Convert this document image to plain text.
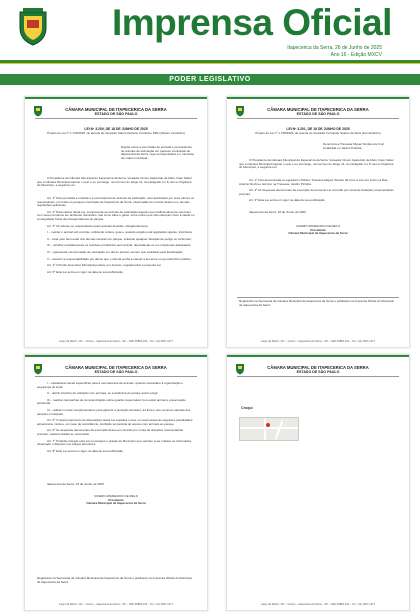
Imprensa Oficial
Itapecerica da Serra, 26 de Junho de 2025
Ano 16 - Edição MXCV
PODER LEGISLATIVO
CÂMARA MUNICIPAL DE ITAPECERICA DA SERRA
ESTADO DE SÃO PAULO
LEI Nº 3.200, DE 18 DE JUNHO DE 2025
Projeto de Lei nº 1.733/2025, de autoria do Vereador Mauro Roberto Caroltrine Piffer (Mauro Caroltrine)
Dispõe sobre a permissão de entrada e permanência de animais de estimação em parques municipais de Itapecerica da Serra, rege as disposições e o interesse da ordem municipal.
O Presidente da Câmara Municipal de Itapecerica da Serra, Vereador Cicero Aparecido de Melo, Faço Saber que a Câmara Municipal rejeitou o veto e eu promulgo, nos termos do artigo 41, do parágrafo 4 e 8, da Lei Orgânica do Município, a seguinte Lei:
Art. 1º Fica permitida a entrada e a permanência de animais de estimação, acompanhados por seus tutores ou responsáveis, em todos os parques municipais de Itapecerica da Serra, observadas as normas desta Lei e demais regulações aplicáveis.
Art. 2º Para efeitos desta Lei, compreende-se animais de estimação aqueles que tradicionalmente convivem com seres humanos em ambiente doméstico, tais como cães e gatos, entre outros que não ofereçam risco à saúde ou à integridade física dos frequentadores do parque.
Art. 3º Os tutores ou responsáveis pelos animais deverão, obrigatoriamente:
I – manter o animal sob controle, utilizando coleira, guia e, quando exigido pela legislação vigente, focinheira;
II – zelar pelo bem-estar dos demais usuários do parque, evitando qualquer situação de perigo ou incômodo;
III – recolher imediatamente os resíduos produzidos pelo animal, depositando-os em recipientes adequados;
IV – apresentar comprovação de vacinação em dia do animal, sempre que solicitado pela fiscalização;
V – assumir a responsabilidade por danos que o animal venha a causar a terceiros ou ao patrimônio público.
Art. 4º O Poder Executivo Municipal poderá, por decreto, regulamentar a presente Lei.
Art. 5º Esta Lei entra em vigor na data de sua publicação.
Largo da Matriz, 147 – Centro – Itapecerica da Serra – SP – CEP 06850-100 – Tel.: (11) 4667-1277
CÂMARA MUNICIPAL DE ITAPECERICA DA SERRA
ESTADO DE SÃO PAULO
LEI Nº 3.201, DE 18 DE JUNHO DE 2025
Projeto de Lei nº 1.738/2025, de autoria do Vereador Fernando Soares da Silva (Fernandinho)
Denomina a Travessa Miguel Simões da Cruz localizada no Jardim Pirituba.
O Presidente da Câmara Municipal de Itapecerica da Serra, Vereador Cicero Aparecido de Melo, Faço Saber que a Câmara Municipal rejeitou o veto e eu promulgo, nos termos do artigo 41, do parágrafo 4 e 8, da Lei Orgânica do Município, a seguinte Lei:
Art. 1º Fica denominada a Logradouro Público Travessa Miguel Simões da Cruz a via com início na Rua Antônio Rocha e término na Travessa, Jardim Pirituba.
Art. 2º As despesas decorrentes da execução da presente Lei correrão por conta de dotações orçamentárias próprias.
Art. 3º Esta Lei entra em vigor na data de sua publicação.
Itapecerica da Serra, 18 de Junho de 2025.
CICERO APARECIDO DE MELO
Presidente
Câmara Municipal de Itapecerica da Serra
Registrado na Secretaria da Câmara Municipal de Itapecerica da Serra e publicado na Imprensa Oficial do Município de Itapecerica da Serra.
Largo da Matriz, 147 – Centro – Itapecerica da Serra – SP – CEP 06850-100 – Tel.: (11) 4667-1277
CÂMARA MUNICIPAL DE ITAPECERICA DA SERRA
ESTADO DE SÃO PAULO
I – estabelecer áreas específicas para a permanência de animais, quando necessário à organização e segurança do local;
II – definir horários de visitação com animais, se a dinâmica do parque assim exigir;
III – realizar campanhas de conscientização sobre guarda responsável, bem-estar animal e preservação ambiental;
IV – adotar normas complementares para garantir a proteção da fauna, da flora e dos recursos naturais dos parques municipais.
Art. 5º O descumprimento às disposições desta Lei sujeitará o tutor ou responsável às seguintes penalidades: advertência, multa e, em caso de reincidência, proibição temporária de acesso com animais ao parque.
Art. 6º As despesas decorrentes da execução desta Lei correrão por conta de dotações orçamentárias próprias, suplementadas se necessário.
Art. 7º Poderão integrar esta Lei os parques e praças do Município que venham a ser criados ou reformados, observado o disposto nos artigos anteriores.
Art. 8º Esta Lei entra em vigor na data de sua publicação.
Itapecerica da Serra, 18 de Junho de 2025.
CICERO APARECIDO DE MELO
Presidente
Câmara Municipal de Itapecerica da Serra
Registrado na Secretaria da Câmara Municipal de Itapecerica da Serra e publicado na Imprensa Oficial do Município de Itapecerica da Serra.
Largo da Matriz, 147 – Centro – Itapecerica da Serra – SP – CEP 06850-100 – Tel.: (11) 4667-1277
CÂMARA MUNICIPAL DE ITAPECERICA DA SERRA
ESTADO DE SÃO PAULO
Croqui
Largo da Matriz, 147 – Centro – Itapecerica da Serra – SP – CEP 06850-100 – Tel.: (11) 4667-1277
